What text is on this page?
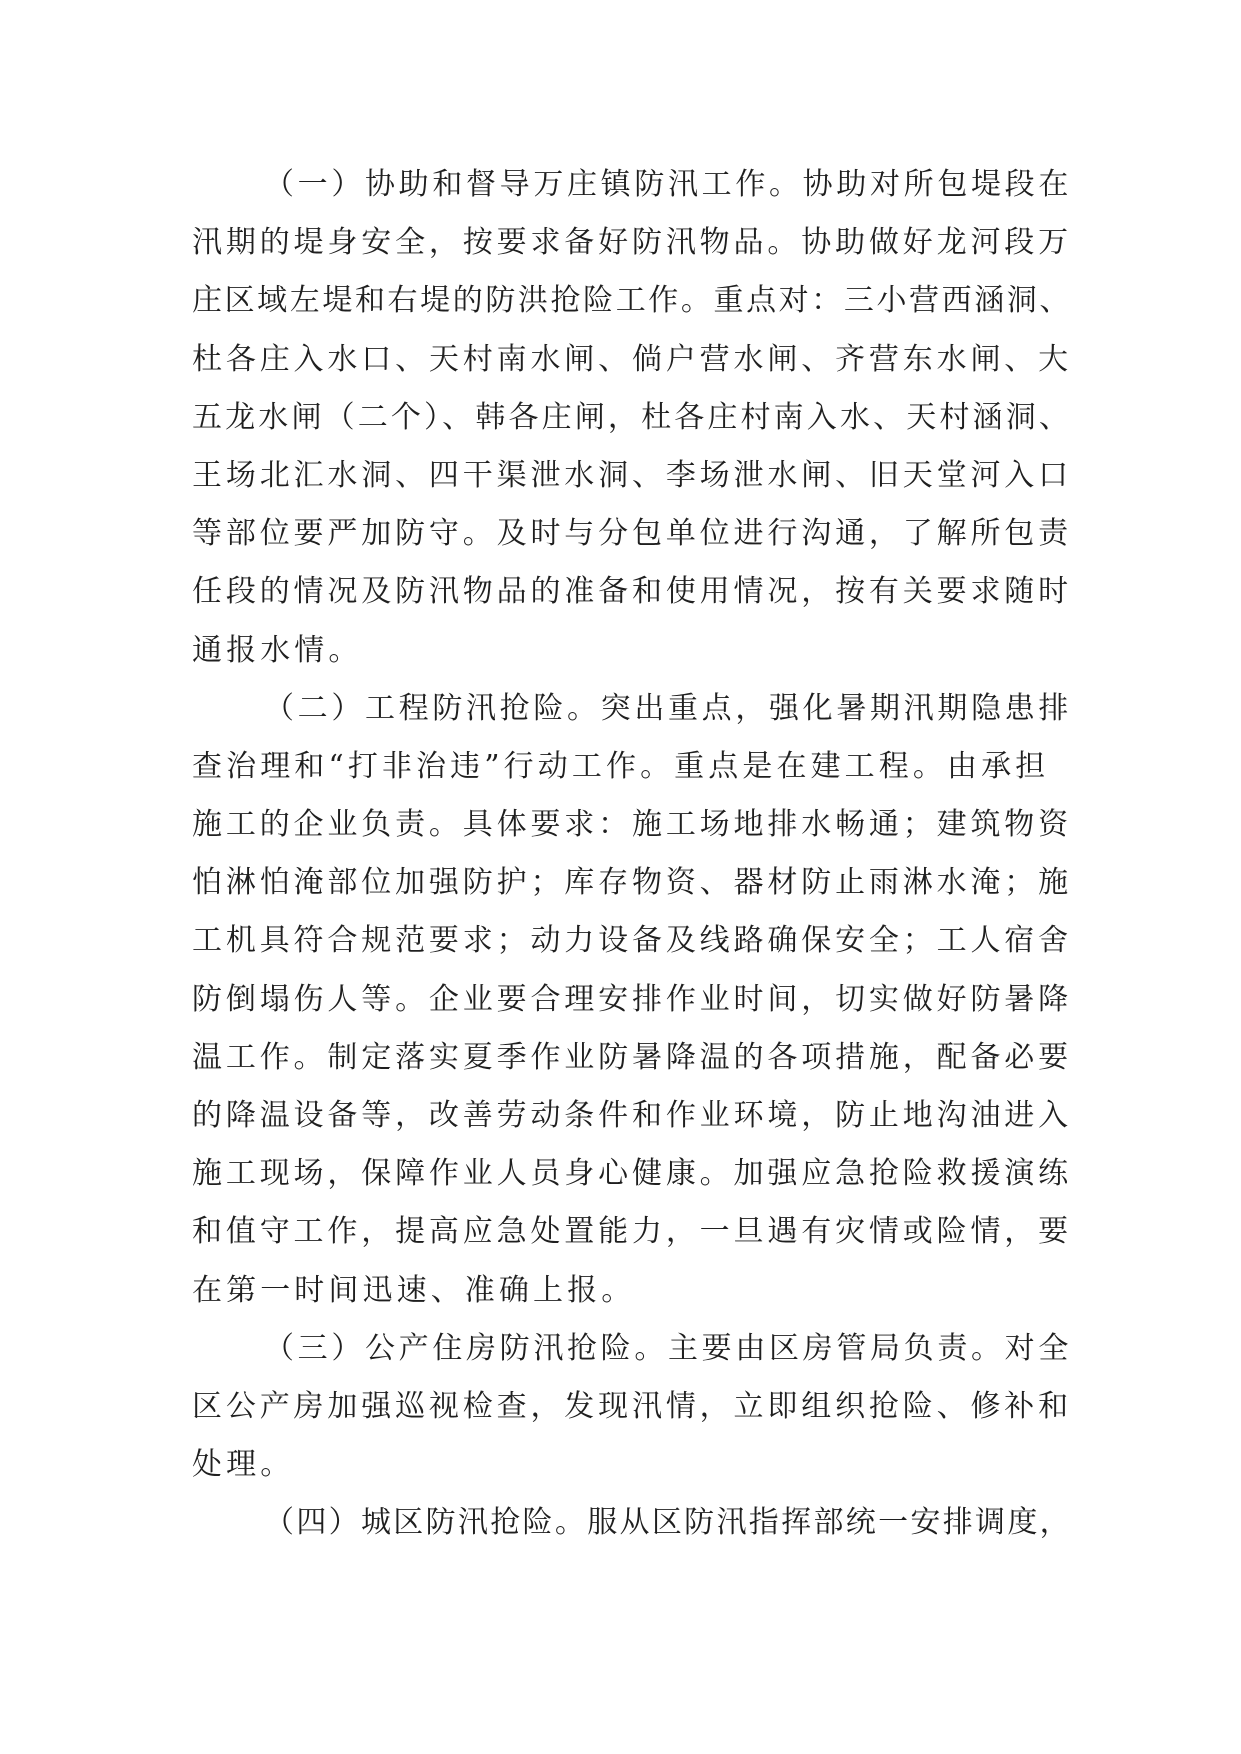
（一）协助和督导万庄镇防汛工作。协助对所包堤段在
汛期的堤身安全，按要求备好防汛物品。协助做好龙河段万
庄区域左堤和右堤的防洪抢险工作。重点对：三小营西涵洞、
杜各庄入水口、天村南水闸、倘户营水闸、齐营东水闸、大
五龙水闸（二个）、韩各庄闸，杜各庄村南入水、天村涵洞、
王场北汇水洞、四干渠泄水洞、李场泄水闸、旧天堂河入口
等部位要严加防守。及时与分包单位进行沟通，了解所包责
任段的情况及防汛物品的准备和使用情况，按有关要求随时
通报水情。
（二）工程防汛抢险。突出重点，强化暑期汛期隐患排
查治理和“打非治违”行动工作。重点是在建工程。由承担
施工的企业负责。具体要求：施工场地排水畅通；建筑物资
怕淋怕淹部位加强防护；库存物资、器材防止雨淋水淹；施
工机具符合规范要求；动力设备及线路确保安全；工人宿舍
防倒塌伤人等。企业要合理安排作业时间，切实做好防暑降
温工作。制定落实夏季作业防暑降温的各项措施，配备必要
的降温设备等，改善劳动条件和作业环境，防止地沟油进入
施工现场，保障作业人员身心健康。加强应急抢险救援演练
和值守工作，提高应急处置能力，一旦遇有灾情或险情，要
在第一时间迅速、准确上报。
（三）公产住房防汛抢险。主要由区房管局负责。对全
区公产房加强巡视检查，发现汛情，立即组织抢险、修补和
处理。
（四）城区防汛抢险。服从区防汛指挥部统一安排调度，
